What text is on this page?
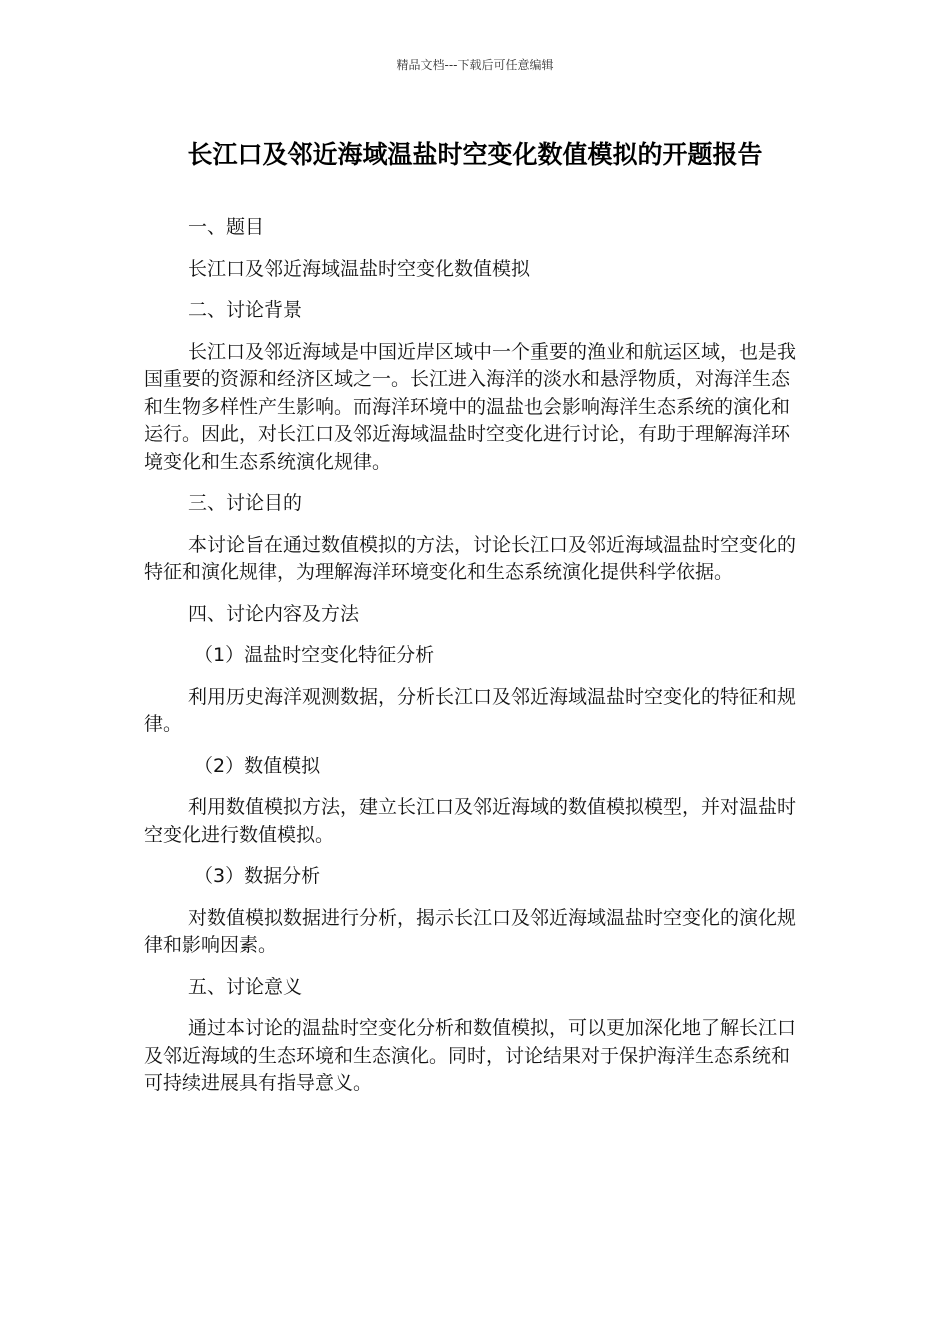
精品文档---下载后可任意编辑
长江口及邻近海域温盐时空变化数值模拟的开题报告

一、题目

长江口及邻近海域温盐时空变化数值模拟

二、讨论背景

长江口及邻近海域是中国近岸区域中一个重要的渔业和航运区域，也是我国重要的资源和经济区域之一。长江进入海洋的淡水和悬浮物质，对海洋生态和生物多样性产生影响。而海洋环境中的温盐也会影响海洋生态系统的演化和运行。因此，对长江口及邻近海域温盐时空变化进行讨论，有助于理解海洋环境变化和生态系统演化规律。

三、讨论目的

本讨论旨在通过数值模拟的方法，讨论长江口及邻近海域温盐时空变化的特征和演化规律，为理解海洋环境变化和生态系统演化提供科学依据。

四、讨论内容及方法

（1）温盐时空变化特征分析

利用历史海洋观测数据，分析长江口及邻近海域温盐时空变化的特征和规律。

（2）数值模拟

利用数值模拟方法，建立长江口及邻近海域的数值模拟模型，并对温盐时空变化进行数值模拟。

（3）数据分析

对数值模拟数据进行分析，揭示长江口及邻近海域温盐时空变化的演化规律和影响因素。

五、讨论意义

通过本讨论的温盐时空变化分析和数值模拟，可以更加深化地了解长江口及邻近海域的生态环境和生态演化。同时，讨论结果对于保护海洋生态系统和可持续进展具有指导意义。
